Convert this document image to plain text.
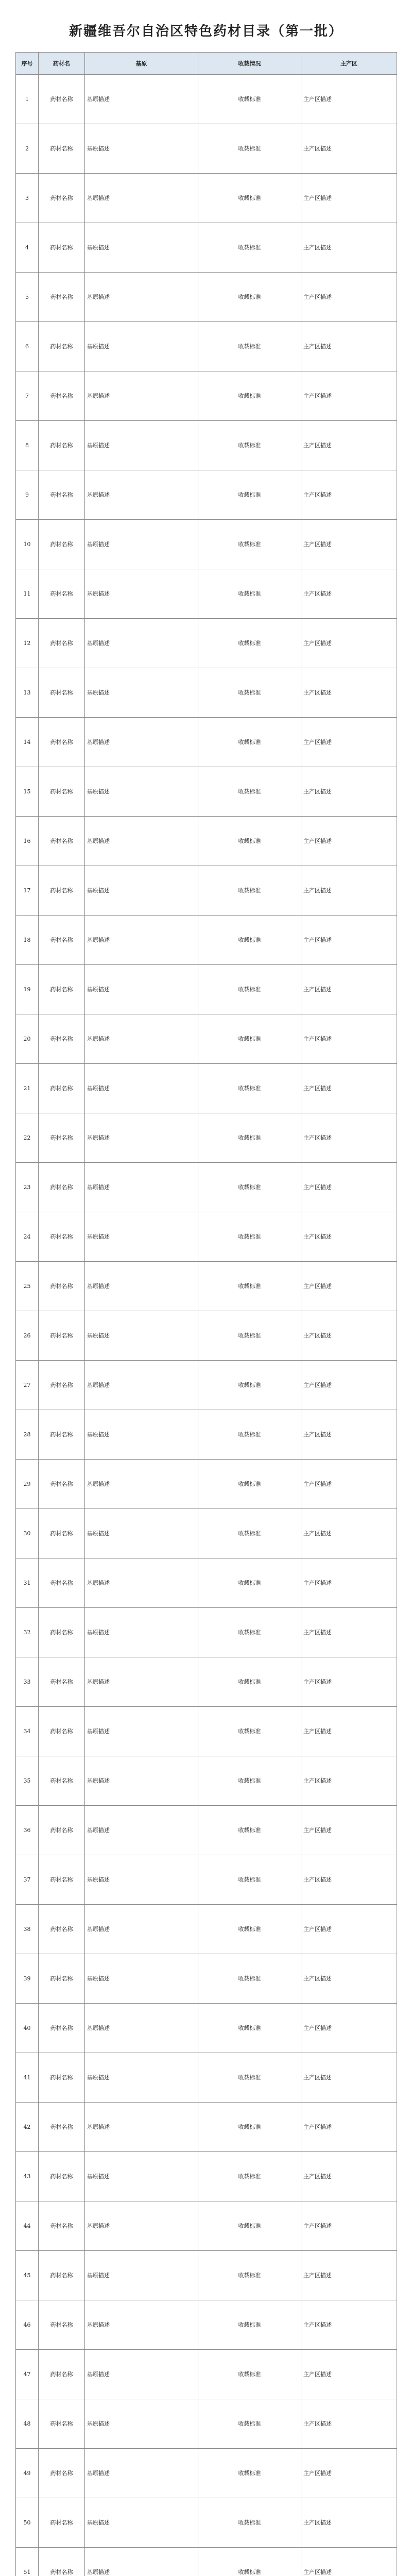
新疆维吾尔自治区特色药材目录（第一批）
序号	药材名	基原	收载情况	主产区
1	药材名称	基原描述	收载标准	主产区描述
2	药材名称	基原描述	收载标准	主产区描述
3	药材名称	基原描述	收载标准	主产区描述
4	药材名称	基原描述	收载标准	主产区描述
5	药材名称	基原描述	收载标准	主产区描述
6	药材名称	基原描述	收载标准	主产区描述
7	药材名称	基原描述	收载标准	主产区描述
8	药材名称	基原描述	收载标准	主产区描述
9	药材名称	基原描述	收载标准	主产区描述
10	药材名称	基原描述	收载标准	主产区描述
11	药材名称	基原描述	收载标准	主产区描述
12	药材名称	基原描述	收载标准	主产区描述
13	药材名称	基原描述	收载标准	主产区描述
14	药材名称	基原描述	收载标准	主产区描述
15	药材名称	基原描述	收载标准	主产区描述
16	药材名称	基原描述	收载标准	主产区描述
17	药材名称	基原描述	收载标准	主产区描述
18	药材名称	基原描述	收载标准	主产区描述
19	药材名称	基原描述	收载标准	主产区描述
20	药材名称	基原描述	收载标准	主产区描述
21	药材名称	基原描述	收载标准	主产区描述
22	药材名称	基原描述	收载标准	主产区描述
23	药材名称	基原描述	收载标准	主产区描述
24	药材名称	基原描述	收载标准	主产区描述
25	药材名称	基原描述	收载标准	主产区描述
26	药材名称	基原描述	收载标准	主产区描述
27	药材名称	基原描述	收载标准	主产区描述
28	药材名称	基原描述	收载标准	主产区描述
29	药材名称	基原描述	收载标准	主产区描述
30	药材名称	基原描述	收载标准	主产区描述
31	药材名称	基原描述	收载标准	主产区描述
32	药材名称	基原描述	收载标准	主产区描述
33	药材名称	基原描述	收载标准	主产区描述
34	药材名称	基原描述	收载标准	主产区描述
35	药材名称	基原描述	收载标准	主产区描述
36	药材名称	基原描述	收载标准	主产区描述
37	药材名称	基原描述	收载标准	主产区描述
38	药材名称	基原描述	收载标准	主产区描述
39	药材名称	基原描述	收载标准	主产区描述
40	药材名称	基原描述	收载标准	主产区描述
41	药材名称	基原描述	收载标准	主产区描述
42	药材名称	基原描述	收载标准	主产区描述
43	药材名称	基原描述	收载标准	主产区描述
44	药材名称	基原描述	收载标准	主产区描述
45	药材名称	基原描述	收载标准	主产区描述
46	药材名称	基原描述	收载标准	主产区描述
47	药材名称	基原描述	收载标准	主产区描述
48	药材名称	基原描述	收载标准	主产区描述
49	药材名称	基原描述	收载标准	主产区描述
50	药材名称	基原描述	收载标准	主产区描述
51	药材名称	基原描述	收载标准	主产区描述
